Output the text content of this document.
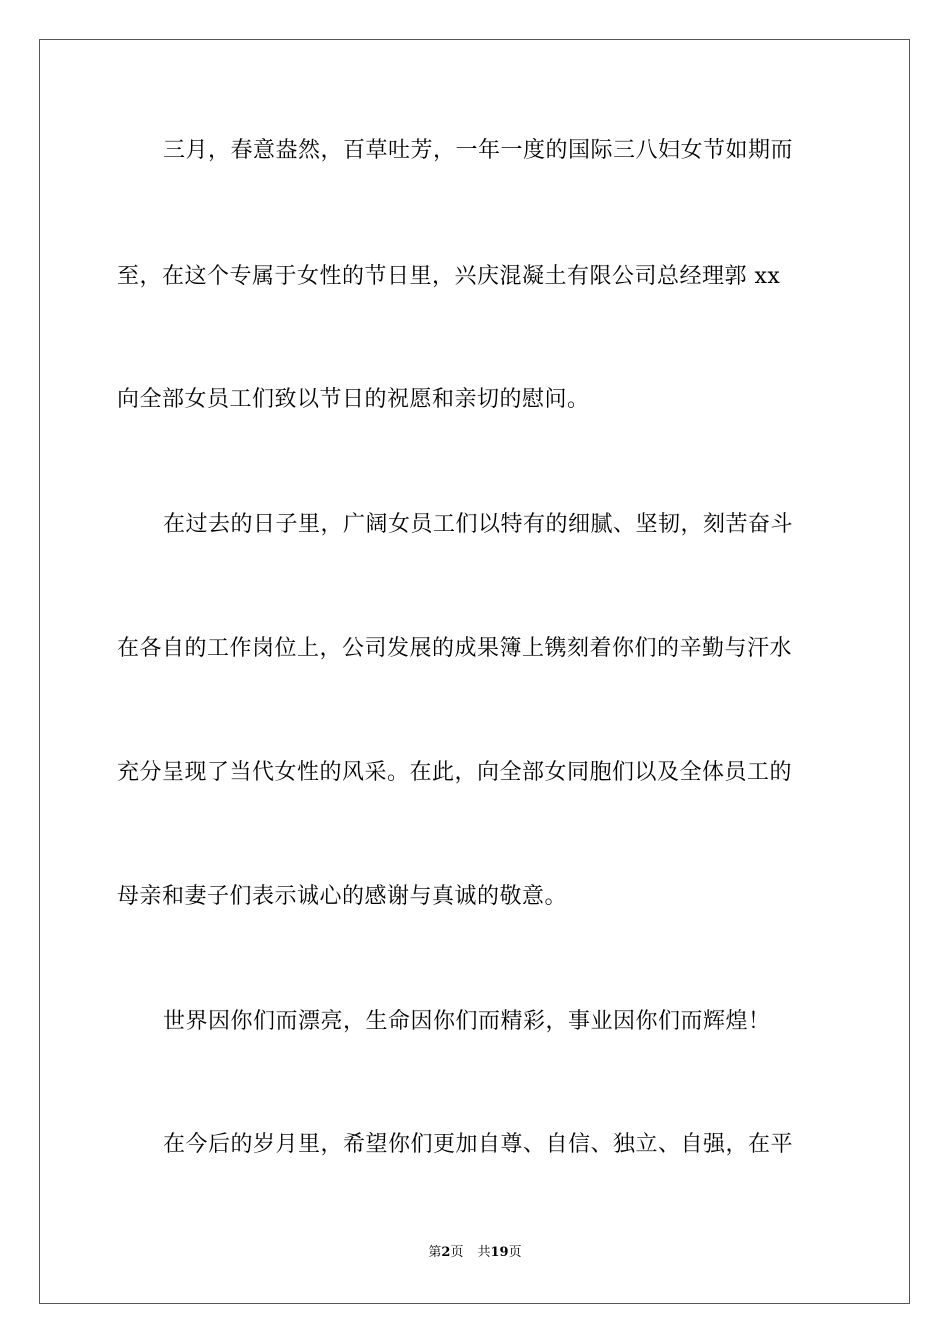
三月，春意盎然，百草吐芳，一年一度的国际三八妇女节如期而
至，在这个专属于女性的节日里，兴庆混凝土有限公司总经理郭 xx
向全部女员工们致以节日的祝愿和亲切的慰问。
在过去的日子里，广阔女员工们以特有的细腻、坚韧，刻苦奋斗
在各自的工作岗位上，公司发展的成果簿上镌刻着你们的辛勤与汗水
充分呈现了当代女性的风采。在此，向全部女同胞们以及全体员工的
母亲和妻子们表示诚心的感谢与真诚的敬意。
世界因你们而漂亮，生命因你们而精彩，事业因你们而辉煌！
在今后的岁月里，希望你们更加自尊、自信、独立、自强，在平
第2页 共19页
